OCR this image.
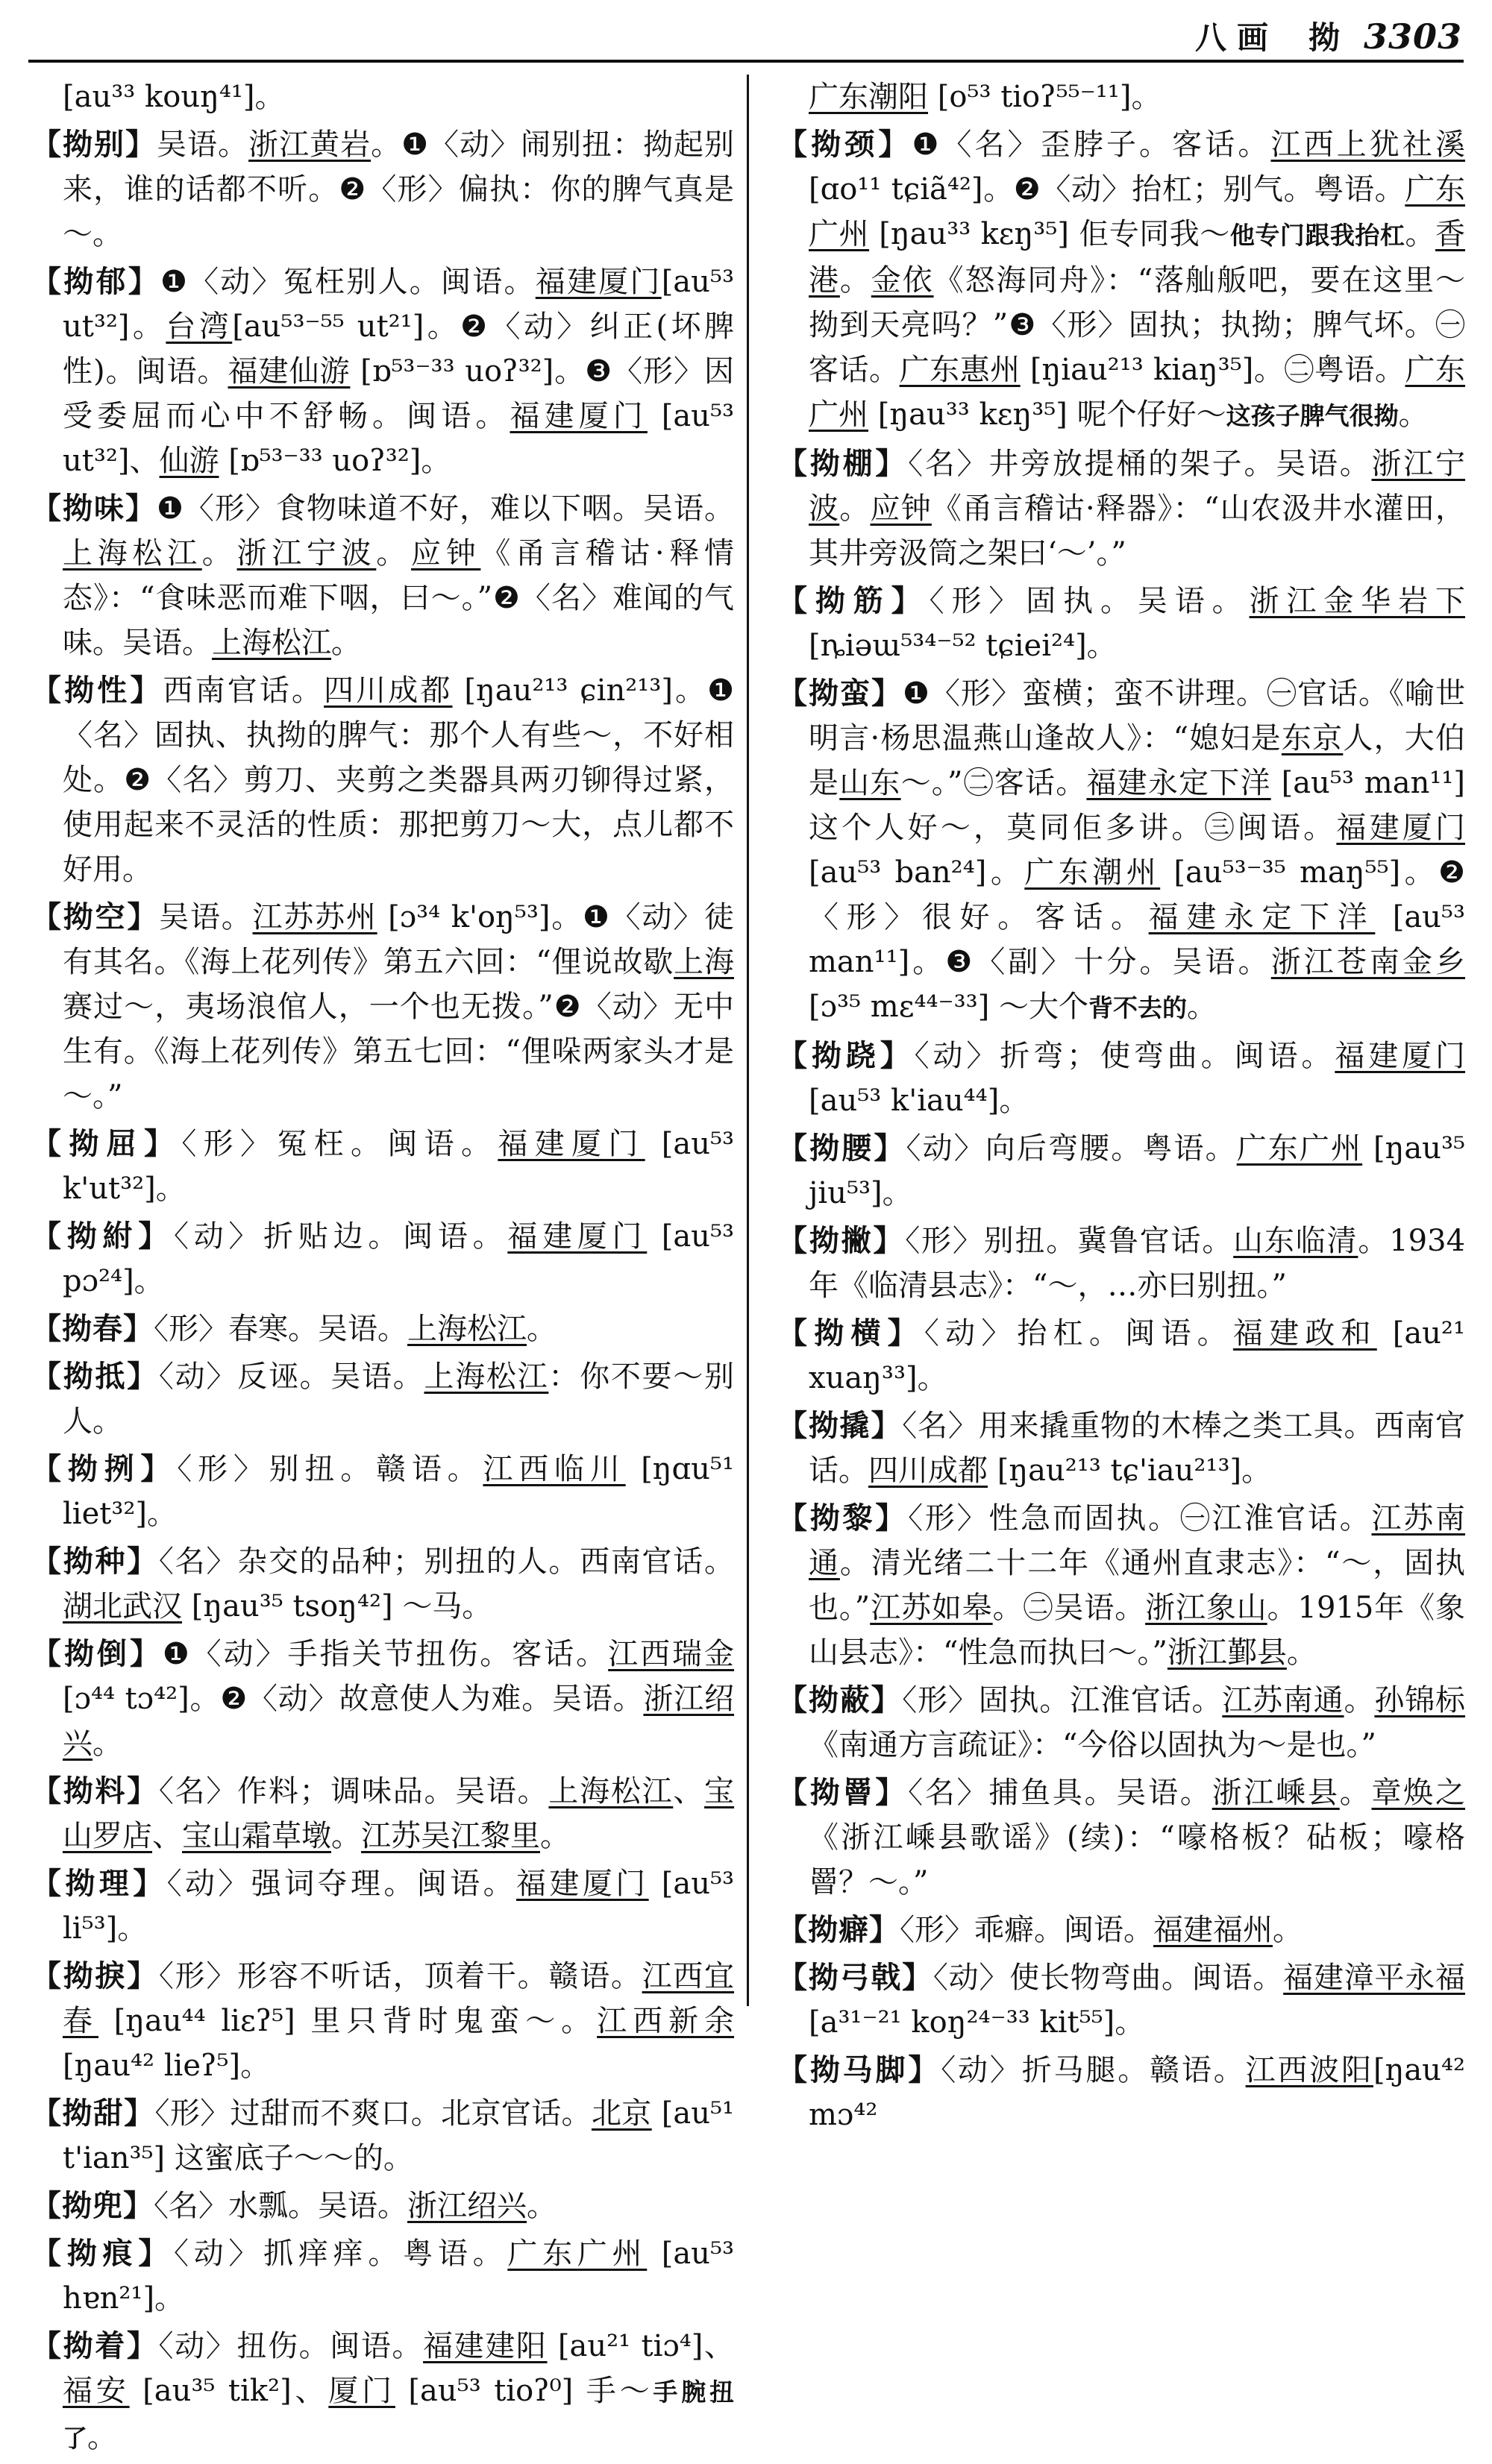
八画 拗 3303

[au³³ kouŋ⁴¹]。

【拗别】吴语。浙江黄岩。❶〈动〉闹别扭：拗起别来，谁的话都不听。❷〈形〉偏执：你的脾气真是～。

【拗郁】❶〈动〉冤枉别人。闽语。福建厦门[au⁵³ ut³²]。台湾[au⁵³⁻⁵⁵ ut²¹]。❷〈动〉纠正(坏脾性)。闽语。福建仙游 [ɒ⁵³⁻³³ uoʔ³²]。❸〈形〉因受委屈而心中不舒畅。闽语。福建厦门 [au⁵³ ut³²]、仙游 [ɒ⁵³⁻³³ uoʔ³²]。

【拗味】❶〈形〉食物味道不好，难以下咽。吴语。上海松江。浙江宁波。应钟《甬言稽诂·释情态》：“食味恶而难下咽，曰～。”❷〈名〉难闻的气味。吴语。上海松江。

【拗性】西南官话。四川成都 [ŋau²¹³ ɕin²¹³]。❶〈名〉固执、执拗的脾气：那个人有些～，不好相处。❷〈名〉剪刀、夹剪之类器具两刃铆得过紧，使用起来不灵活的性质：那把剪刀～大，点儿都不好用。

【拗空】吴语。江苏苏州 [ɔ³⁴ k'oŋ⁵³]。❶〈动〉徒有其名。《海上花列传》第五六回：“俚说故歇上海赛过～，夷场浪倌人，一个也无拨。”❷〈动〉无中生有。《海上花列传》第五七回：“俚哚两家头才是～。”

【拗屈】〈形〉冤枉。闽语。福建厦门 [au⁵³ k'ut³²]。

【拗紨】〈动〉折贴边。闽语。福建厦门 [au⁵³ pɔ²⁴]。

【拗春】〈形〉春寒。吴语。上海松江。

【拗抵】〈动〉反诬。吴语。上海松江：你不要～别人。

【拗挒】〈形〉别扭。赣语。江西临川 [ŋɑu⁵¹ liet³²]。

【拗种】〈名〉杂交的品种；别扭的人。西南官话。湖北武汉 [ŋau³⁵ tsoŋ⁴²] ～马。

【拗倒】❶〈动〉手指关节扭伤。客话。江西瑞金 [ɔ⁴⁴ tɔ⁴²]。❷〈动〉故意使人为难。吴语。浙江绍兴。

【拗料】〈名〉作料；调味品。吴语。上海松江、宝山罗店、宝山霜草墩。江苏吴江黎里。

【拗理】〈动〉强词夺理。闽语。福建厦门 [au⁵³ li⁵³]。

【拗捩】〈形〉形容不听话，顶着干。赣语。江西宜春 [ŋau⁴⁴ liɛʔ⁵] 里只背时鬼蛮～。江西新余 [ŋau⁴² lieʔ⁵]。

【拗甜】〈形〉过甜而不爽口。北京官话。北京 [au⁵¹ t'ian³⁵] 这蜜底子～～的。

【拗兜】〈名〉水瓢。吴语。浙江绍兴。

【拗痕】〈动〉抓痒痒。粤语。广东广州 [au⁵³ hɐn²¹]。

【拗着】〈动〉扭伤。闽语。福建建阳 [au²¹ tiɔ⁴]、福安 [au³⁵ tik²]、厦门 [au⁵³ tioʔ⁰] 手～手腕扭了。

广东潮阳 [o⁵³ tioʔ⁵⁵⁻¹¹]。

【拗颈】❶〈名〉歪脖子。客话。江西上犹社溪 [ɑo¹¹ tɕiã⁴²]。❷〈动〉抬杠；别气。粤语。广东广州 [ŋau³³ kɛŋ³⁵] 佢专同我～他专门跟我抬杠。香港。金依《怒海同舟》：“落舢舨吧，要在这里～拗到天亮吗？”❸〈形〉固执；执拗；脾气坏。㊀客话。广东惠州 [ŋiau²¹³ kiaŋ³⁵]。㊁粤语。广东广州 [ŋau³³ kɛŋ³⁵] 呢个仔好～这孩子脾气很拗。

【拗棚】〈名〉井旁放提桶的架子。吴语。浙江宁波。应钟《甬言稽诂·释器》：“山农汲井水灌田，其井旁汲筒之架曰‘～’。”

【拗筋】〈形〉固执。吴语。浙江金华岩下 [ȵiəɯ⁵³⁴⁻⁵² tɕiei²⁴]。

【拗蛮】❶〈形〉蛮横；蛮不讲理。㊀官话。《喻世明言·杨思温燕山逢故人》：“媳妇是东京人，大伯是山东～。”㊁客话。福建永定下洋 [au⁵³ man¹¹] 这个人好～，莫同佢多讲。㊂闽语。福建厦门 [au⁵³ ban²⁴]。广东潮州 [au⁵³⁻³⁵ maŋ⁵⁵]。❷〈形〉很好。客话。福建永定下洋 [au⁵³ man¹¹]。❸〈副〉十分。吴语。浙江苍南金乡 [ɔ³⁵ mɛ⁴⁴⁻³³] ～大个背不去的。

【拗跷】〈动〉折弯；使弯曲。闽语。福建厦门 [au⁵³ k'iau⁴⁴]。

【拗腰】〈动〉向后弯腰。粤语。广东广州 [ŋau³⁵ jiu⁵³]。

【拗撇】〈形〉别扭。冀鲁官话。山东临清。1934年《临清县志》：“～，…亦曰别扭。”

【拗横】〈动〉抬杠。闽语。福建政和 [au²¹ xuaŋ³³]。

【拗撬】〈名〉用来撬重物的木棒之类工具。西南官话。四川成都 [ŋau²¹³ tɕ'iau²¹³]。

【拗黎】〈形〉性急而固执。㊀江淮官话。江苏南通。清光绪二十二年《通州直隶志》：“～，固执也。”江苏如皋。㊁吴语。浙江象山。1915年《象山县志》：“性急而执曰～。”浙江鄞县。

【拗蔽】〈形〉固执。江淮官话。江苏南通。孙锦标《南通方言疏证》：“今俗以固执为～是也。”

【拗罾】〈名〉捕鱼具。吴语。浙江嵊县。章焕之《浙江嵊县歌谣》(续)：“嚎格板？砧板；嚎格罾？～。”

【拗癖】〈形〉乖癖。闽语。福建福州。

【拗弓戟】〈动〉使长物弯曲。闽语。福建漳平永福 [a³¹⁻²¹ koŋ²⁴⁻³³ kit⁵⁵]。

【拗马脚】〈动〉折马腿。赣语。江西波阳[ŋau⁴² mɔ⁴²
